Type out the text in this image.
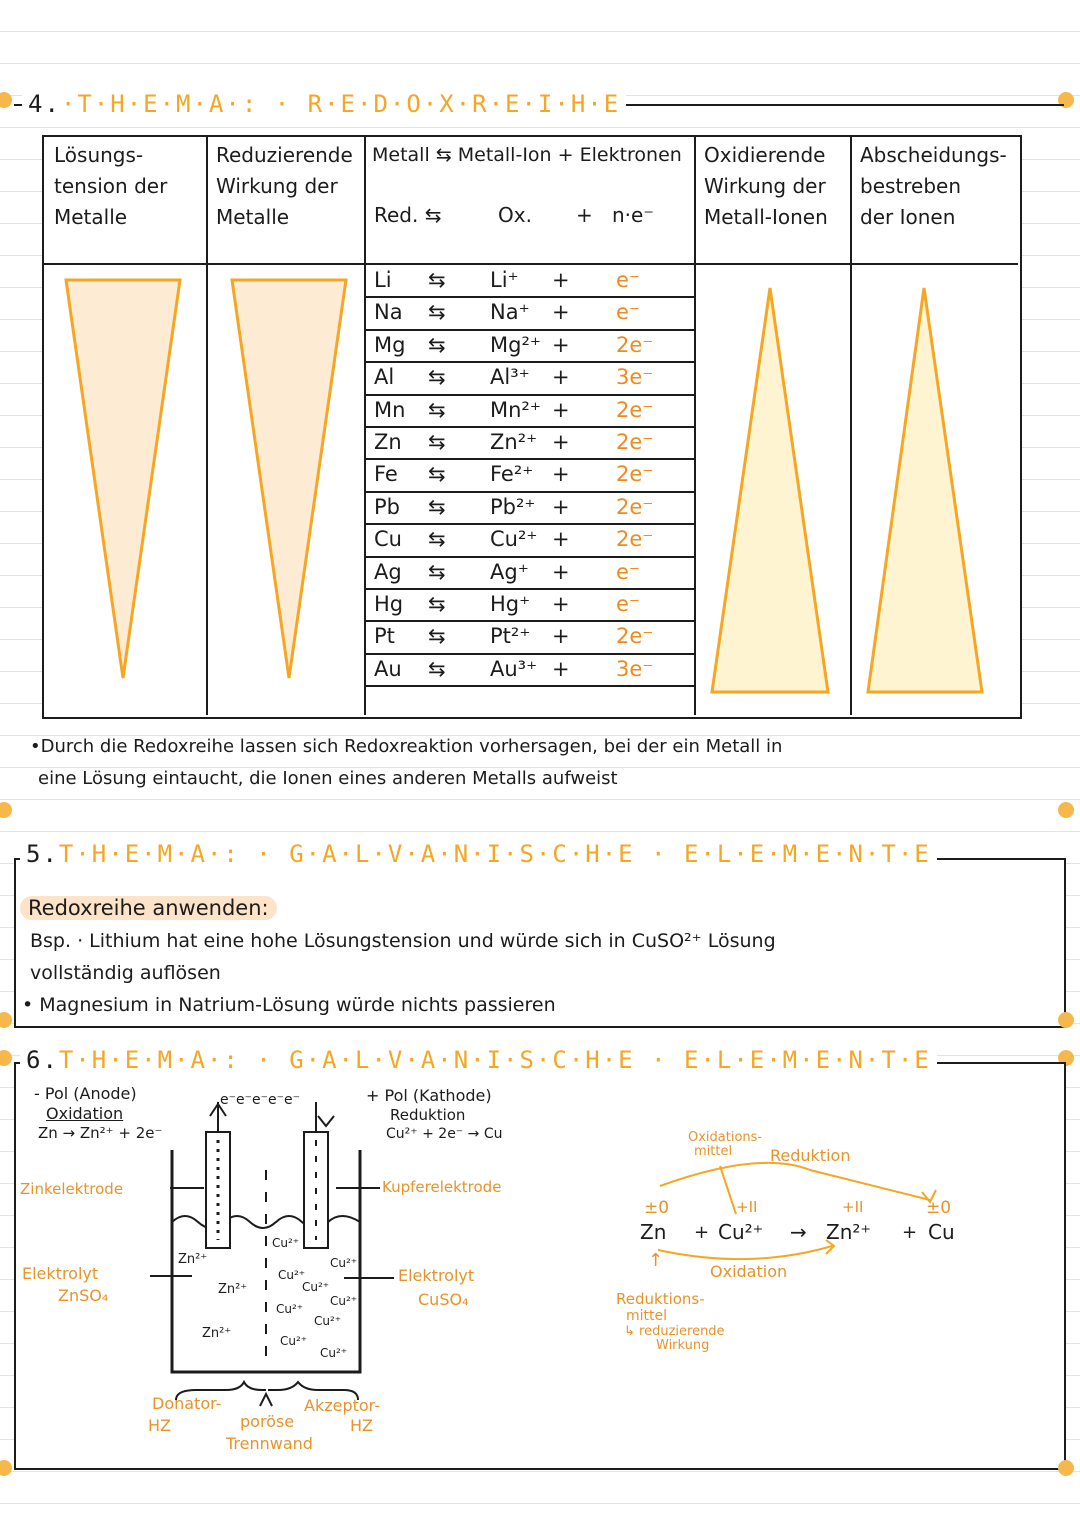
4.·T·H·E·M·A·: · R·E·D·O·X·R·E·I·H·E
Lösungs-
tension der
Metalle
Reduzierende
Wirkung der
Metalle
Metall ⇆ Metall-Ion + Elektronen
Red. ⇆	Ox. + n·e⁻
Oxidierende
Wirkung der
Metall-Ionen
Abscheidungs-
bestreben
der Ionen
Li ⇆ Li⁺ + e⁻
Na ⇆ Na⁺ + e⁻
Mg ⇆ Mg²⁺ + 2e⁻
Al ⇆ Al³⁺ + 3e⁻
Mn ⇆ Mn²⁺ + 2e⁻
Zn ⇆ Zn²⁺ + 2e⁻
Fe ⇆ Fe²⁺ + 2e⁻
Pb ⇆ Pb²⁺ + 2e⁻
Cu ⇆ Cu²⁺ + 2e⁻
Ag ⇆ Ag⁺ + e⁻
Hg ⇆ Hg⁺ + e⁻
Pt ⇆ Pt²⁺ + 2e⁻
Au ⇆ Au³⁺ + 3e⁻
•Durch die Redoxreihe lassen sich Redoxreaktion vorhersagen, bei der ein Metall in
eine Lösung eintaucht, die Ionen eines anderen Metalls aufweist
5.T·H·E·M·A·: · G·A·L·V·A·N·I·S·C·H·E · E·L·E·M·E·N·T·E
Redoxreihe anwenden:
Bsp. · Lithium hat eine hohe Lösungstension und würde sich in CuSO²⁺ Lösung
vollständig auflösen
• Magnesium in Natrium-Lösung würde nichts passieren
6.T·H·E·M·A·: · G·A·L·V·A·N·I·S·C·H·E · E·L·E·M·E·N·T·E
- Pol (Anode)
Oxidation
Zn → Zn²⁺ + 2e⁻
e⁻e⁻e⁻e⁻e⁻	+ Pol (Kathode)
Reduktion
Cu²⁺ + 2e⁻ → Cu
Zinkelektrode	Kupferelektrode
Elektrolyt
ZnSO₄
Elektrolyt
CuSO₄
Zn²⁺
Zn²⁺
Zn²⁺
Cu²⁺
Cu²⁺
Cu²⁺
Cu²⁺
Cu²⁺
Cu²⁺
Cu²⁺
Cu²⁺
Cu²⁺
Donator-
HZ
Akzeptor-
HZ
poröse
Trennwand
Oxidations-
mittel Reduktion
±0	+II	+II	±0
Zn + Cu²⁺ → Zn²⁺ + Cu
Oxidation
↑
Reduktions-
mittel
↳ reduzierende
Wirkung
